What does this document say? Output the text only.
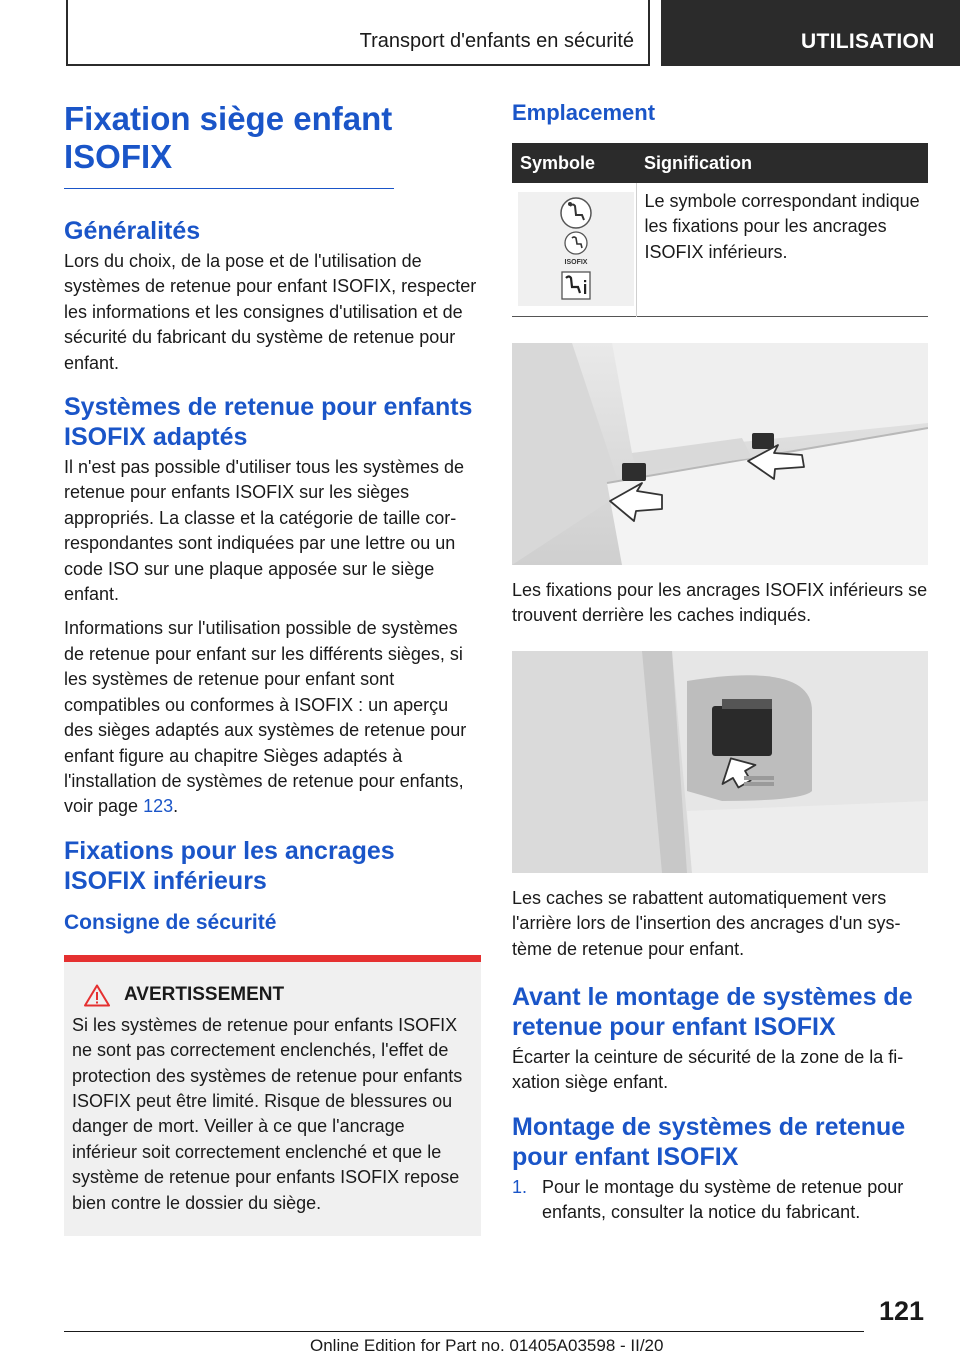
Transport d'enfants en sécurité	UTILISATION
Fixation siège enfant ISOFIX
Généralités

Lors du choix, de la pose et de l'utilisation de systèmes de retenue pour enfant ISOFIX, respecter les informations et les consignes d'utilisation et de sécurité du fabricant du système de retenue pour enfant.

Systèmes de retenue pour enfants ISOFIX adaptés

Il n'est pas possible d'utiliser tous les systèmes de retenue pour enfants ISOFIX sur les sièges appropriés. La classe et la catégorie de taille correspondantes sont indiquées par une lettre ou un code ISO sur une plaque apposée sur le siège enfant.

Informations sur l'utilisation possible de systèmes de retenue pour enfant sur les différents sièges, si les systèmes de retenue pour enfant sont compatibles ou conformes à ISOFIX : un aperçu des sièges adaptés aux systèmes de retenue pour enfant figure au chapitre Sièges adaptés à l'installation de systèmes de retenue pour enfants, voir page 123.

Fixations pour les ancrages ISOFIX inférieurs
Consigne de sécurité
AVERTISSEMENT

Si les systèmes de retenue pour enfants ISOFIX ne sont pas correctement enclenchés, l'effet de protection des systèmes de retenue pour enfants ISOFIX peut être limité. Risque de blessures ou danger de mort. Veiller à ce que l'ancrage inférieur soit correctement enclenché et que le système de retenue pour enfants ISOFIX repose bien contre le dossier du siège.

Emplacement
Symbole	Signification

ISOFIX	Le symbole correspondant indique les fixations pour les ancrages ISOFIX inférieurs.

Les fixations pour les ancrages ISOFIX inférieurs se trouvent derrière les caches indiqués.

Les caches se rabattent automatiquement vers l'arrière lors de l'insertion des ancrages d'un système de retenue pour enfant.

Avant le montage de systèmes de retenue pour enfant ISOFIX

Écarter la ceinture de sécurité de la zone de la fixation siège enfant.

Montage de systèmes de retenue pour enfant ISOFIX
1. Pour le montage du système de retenue pour enfants, consulter la notice du fabricant.
121
Online Edition for Part no. 01405A03598 - II/20
